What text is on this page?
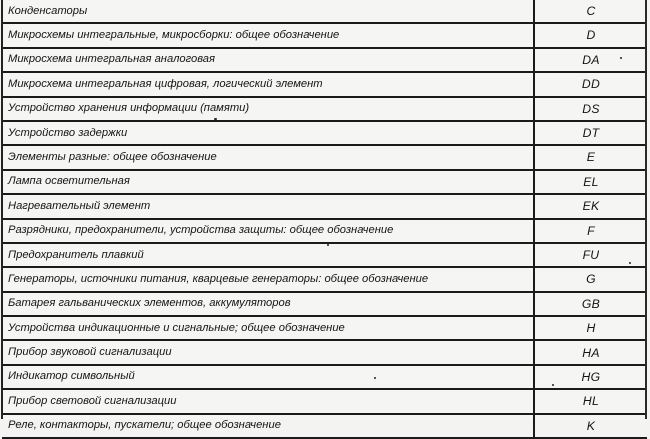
Конденсаторы	C
Микросхемы интегральные, микросборки: общее обозначение	D
Микросхема интегральная аналоговая	DA
Микросхема интегральная цифровая, логический элемент	DD
Устройство хранения информации (памяти)	DS
Устройство задержки	DT
Элементы разные: общее обозначение	E
Лампа осветительная	EL
Нагревательный элемент	EK
Разрядники, предохранители, устройства защиты: общее обозначение	F
Предохранитель плавкий	FU
Генераторы, источники питания, кварцевые генераторы: общее обозначение	G
Батарея гальванических элементов, аккумуляторов	GB
Устройства индикационные и сигнальные; общее обозначение	H
Прибор звуковой сигнализации	HA
Индикатор символьный	HG
Прибор световой сигнализации	HL
Реле, контакторы, пускатели; общее обозначение	K
